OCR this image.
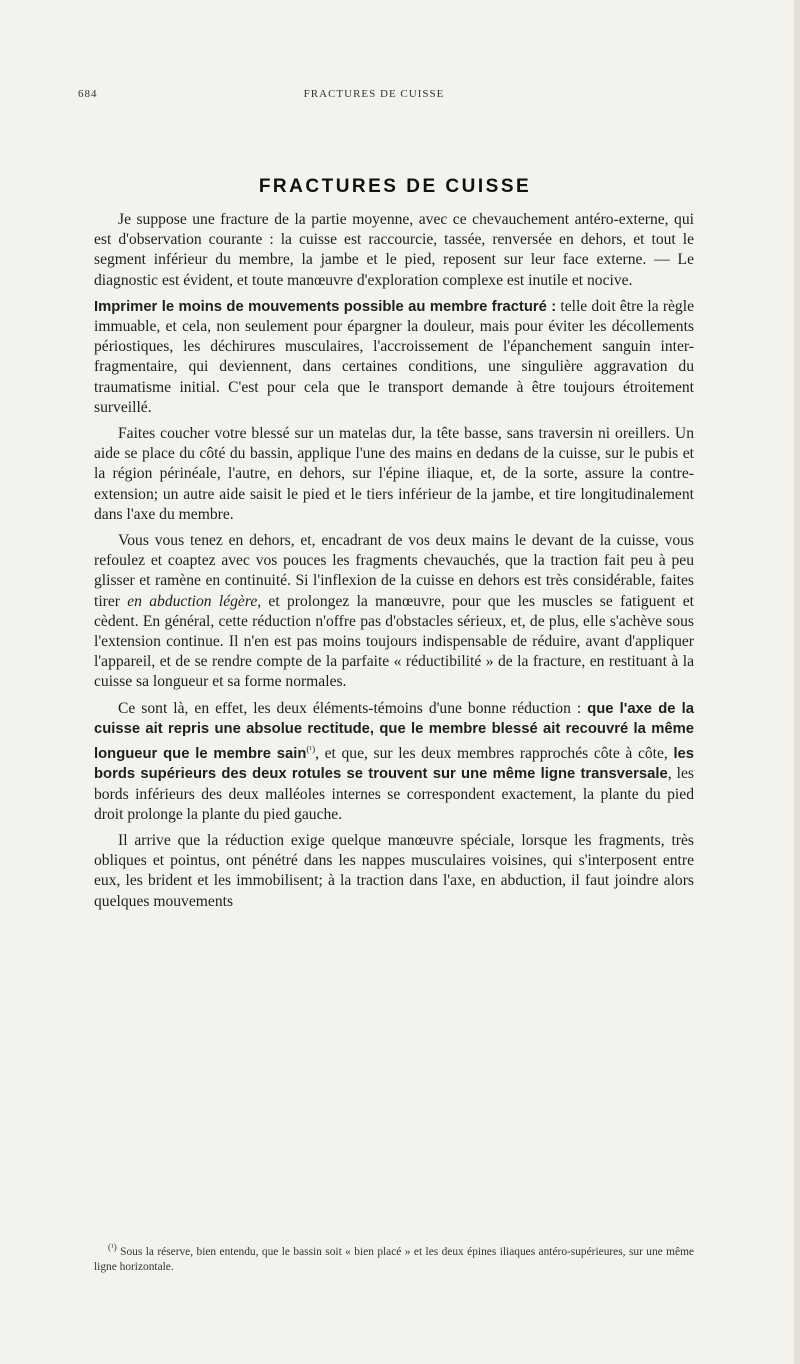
684	FRACTURES DE CUISSE
FRACTURES DE CUISSE

Je suppose une fracture de la partie moyenne, avec ce chevauchement antéro-externe, qui est d'observation courante : la cuisse est raccourcie, tassée, renversée en dehors, et tout le segment inférieur du membre, la jambe et le pied, reposent sur leur face externe. — Le diagnostic est évident, et toute manœuvre d'exploration complexe est inutile et nocive.

Imprimer le moins de mouvements possible au membre fracturé : telle doit être la règle immuable, et cela, non seulement pour épargner la douleur, mais pour éviter les décollements périostiques, les déchirures musculaires, l'accroissement de l'épanchement sanguin inter-fragmentaire, qui deviennent, dans certaines conditions, une singulière aggravation du traumatisme initial. C'est pour cela que le transport demande à être toujours étroitement surveillé.

Faites coucher votre blessé sur un matelas dur, la tête basse, sans traversin ni oreillers. Un aide se place du côté du bassin, applique l'une des mains en dedans de la cuisse, sur le pubis et la région périnéale, l'autre, en dehors, sur l'épine iliaque, et, de la sorte, assure la contre-extension; un autre aide saisit le pied et le tiers inférieur de la jambe, et tire longitudinalement dans l'axe du membre.

Vous vous tenez en dehors, et, encadrant de vos deux mains le devant de la cuisse, vous refoulez et coaptez avec vos pouces les fragments chevauchés, que la traction fait peu à peu glisser et ramène en continuité. Si l'inflexion de la cuisse en dehors est très considérable, faites tirer en abduction légère, et prolongez la manœuvre, pour que les muscles se fatiguent et cèdent. En général, cette réduction n'offre pas d'obstacles sérieux, et, de plus, elle s'achève sous l'extension continue. Il n'en est pas moins toujours indispensable de réduire, avant d'appliquer l'appareil, et de se rendre compte de la parfaite « réductibilité » de la fracture, en restituant à la cuisse sa longueur et sa forme normales.

Ce sont là, en effet, les deux éléments-témoins d'une bonne réduction : que l'axe de la cuisse ait repris une absolue rectitude, que le membre blessé ait recouvré la même longueur que le membre sain$^{(^1)}$, et que, sur les deux membres rapprochés côte à côte, les bords supérieurs des deux rotules se trouvent sur une même ligne transversale, les bords inférieurs des deux malléoles internes se correspondent exactement, la plante du pied droit prolonge la plante du pied gauche.

Il arrive que la réduction exige quelque manœuvre spéciale, lorsque les fragments, très obliques et pointus, ont pénétré dans les nappes musculaires voisines, qui s'interposent entre eux, les brident et les immobilisent; à la traction dans l'axe, en abduction, il faut joindre alors quelques mouvements

$^{(^1)}$ Sous la réserve, bien entendu, que le bassin soit « bien placé » et les deux épines iliaques antéro-supérieures, sur une même ligne horizontale.
